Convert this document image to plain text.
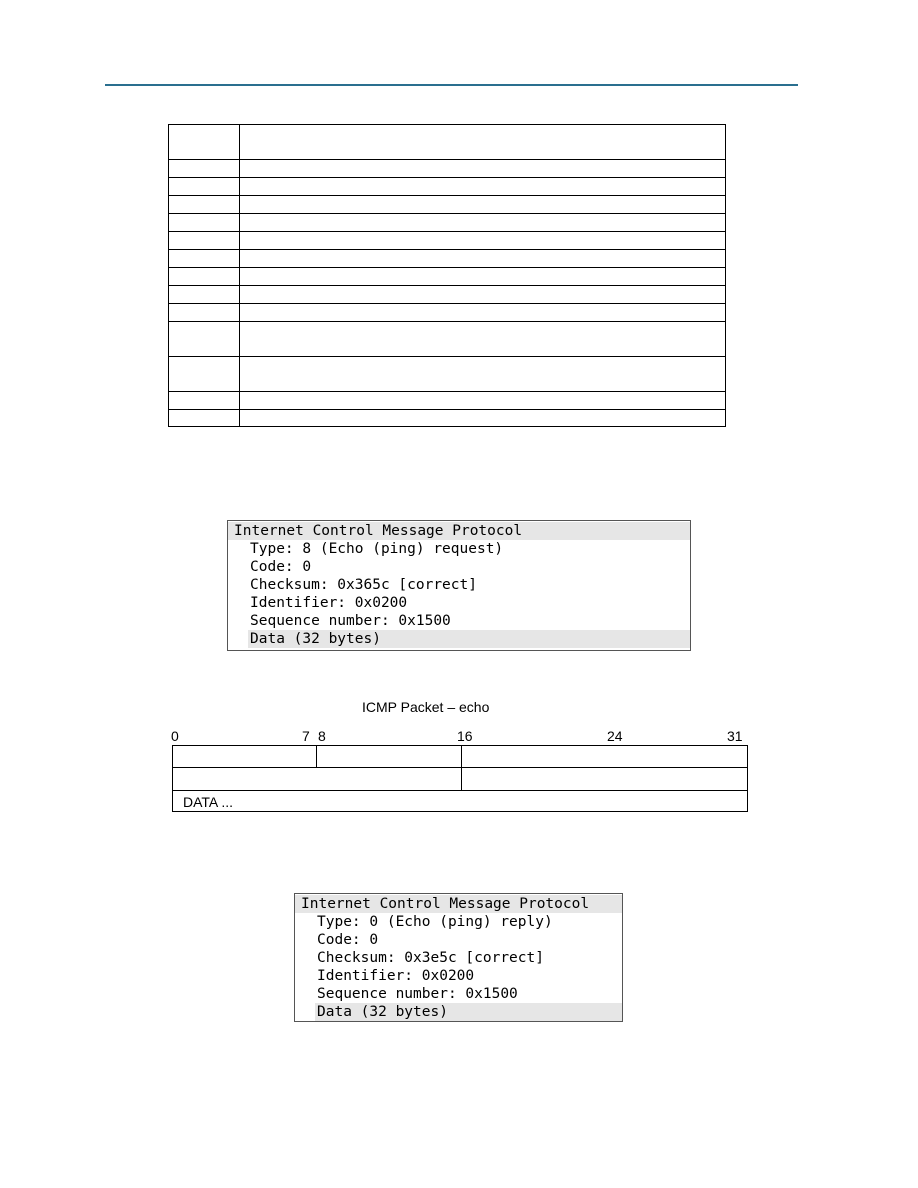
Internet Control Message Protocol
Type: 8 (Echo (ping) request)
Code: 0
Checksum: 0x365c [correct]
Identifier: 0x0200
Sequence number: 0x1500
Data (32 bytes)
ICMP Packet – echo
0	7 8	16	24	31
DATA ...
Internet Control Message Protocol
Type: 0 (Echo (ping) reply)
Code: 0
Checksum: 0x3e5c [correct]
Identifier: 0x0200
Sequence number: 0x1500
Data (32 bytes)
